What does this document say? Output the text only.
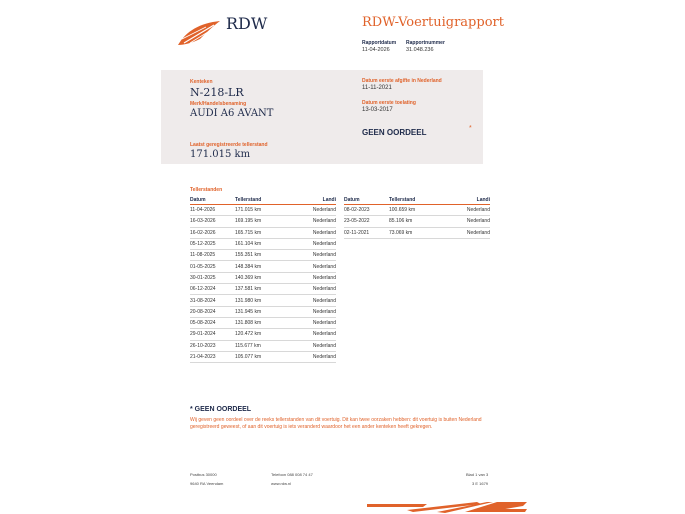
RDW	RDW-Voertuigrapport
Rapportdatum
11-04-2026
Rapportnummer
31.048.236
Kenteken
N-218-LR
Merk/Handelsbenaming
AUDI A6 AVANT
Laatst geregistreerde tellerstand
171.015 km
Datum eerste afgifte in Nederland
11-11-2021
Datum eerste toelating
13-03-2017
GEEN OORDEEL	*
Tellerstanden
Datum	Tellerstand	Landi
11-04-2026	171.015 km	Nederland
16-03-2026	169.195 km	Nederland
16-02-2026	165.715 km	Nederland
05-12-2025	161.104 km	Nederland
11-08-2025	155.351 km	Nederland
01-05-2025	148.384 km	Nederland
30-01-2025	140.369 km	Nederland
06-12-2024	137.581 km	Nederland
31-08-2024	131.980 km	Nederland
20-08-2024	131.945 km	Nederland
05-08-2024	131.808 km	Nederland
29-01-2024	120.472 km	Nederland
26-10-2023	115.677 km	Nederland
21-04-2023	105.077 km	Nederland
Datum	Tellerstand	Landi
08-02-2023	100.659 km	Nederland
23-05-2022	85.106 km	Nederland
02-11-2021	73.069 km	Nederland
* GEEN OORDEEL
Wij geven geen oordeel over de reeks tellerstanden van dit voertuig. Dit kan twee oorzaken hebben: dit voertuig is buiten Nederland geregistreerd geweest, of aan dit voertuig is iets veranderd waardoor het een ander kenteken heeft gekregen.
Postbus 30000
9640 RA Veendam
Telefoon 088 008 74 47
www.rdw.nl
Blad 1 van 3
3 E 1679
